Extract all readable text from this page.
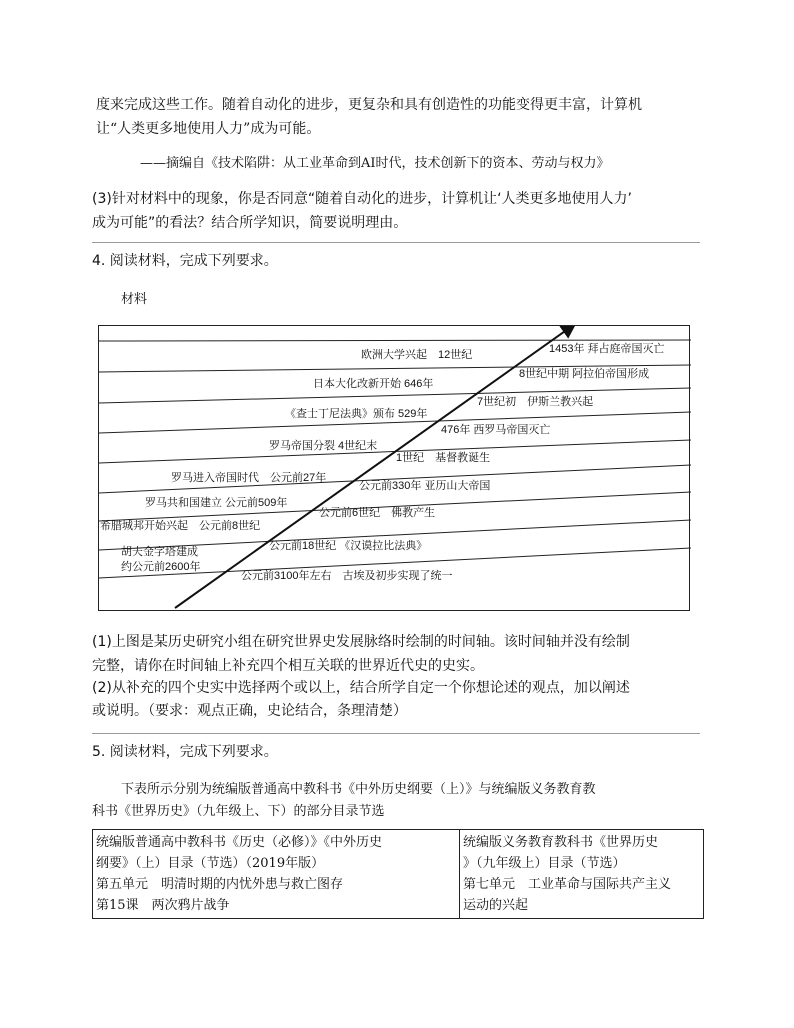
度来完成这些工作。随着自动化的进步，更复杂和具有创造性的功能变得更丰富，计算机
让“人类更多地使用人力”成为可能。
——摘编自《技术陷阱：从工业革命到AI时代，技术创新下的资本、劳动与权力》
(3)针对材料中的现象，你是否同意“随着自动化的进步，计算机让‘人类更多地使用人力’
成为可能”的看法？结合所学知识，简要说明理由。
4. 阅读材料，完成下列要求。
材料
欧洲大学兴起　12世纪
日本大化改新开始 646年
《查士丁尼法典》颁布 529年
罗马帝国分裂 4世纪末
罗马进入帝国时代　公元前27年
罗马共和国建立 公元前509年
希腊城邦开始兴起　公元前8世纪
胡夫金字塔建成
约公元前2600年
1453年 拜占庭帝国灭亡
8世纪中期 阿拉伯帝国形成
7世纪初　伊斯兰教兴起
476年 西罗马帝国灭亡
1世纪　基督教诞生
公元前330年 亚历山大帝国
公元前6世纪　佛教产生
公元前18世纪 《汉谟拉比法典》
公元前3100年左右　古埃及初步实现了统一
(1)上图是某历史研究小组在研究世界史发展脉络时绘制的时间轴。该时间轴并没有绘制
完整，请你在时间轴上补充四个相互关联的世界近代史的史实。
(2)从补充的四个史实中选择两个或以上，结合所学自定一个你想论述的观点，加以阐述
或说明。（要求：观点正确，史论结合，条理清楚）
5. 阅读材料，完成下列要求。
下表所示分别为统编版普通高中教科书《中外历史纲要（上）》与统编版义务教育教
科书《世界历史》（九年级上、下）的部分目录节选
统编版普通高中教科书《历史（必修）》《中外历史
纲要》（上）目录（节选）（2019年版）
第五单元　明清时期的内忧外患与救亡图存
第15课　两次鸦片战争

统编版义务教育教科书《世界历史
》（九年级上）目录（节选）
第七单元　工业革命与国际共产主义
运动的兴起
